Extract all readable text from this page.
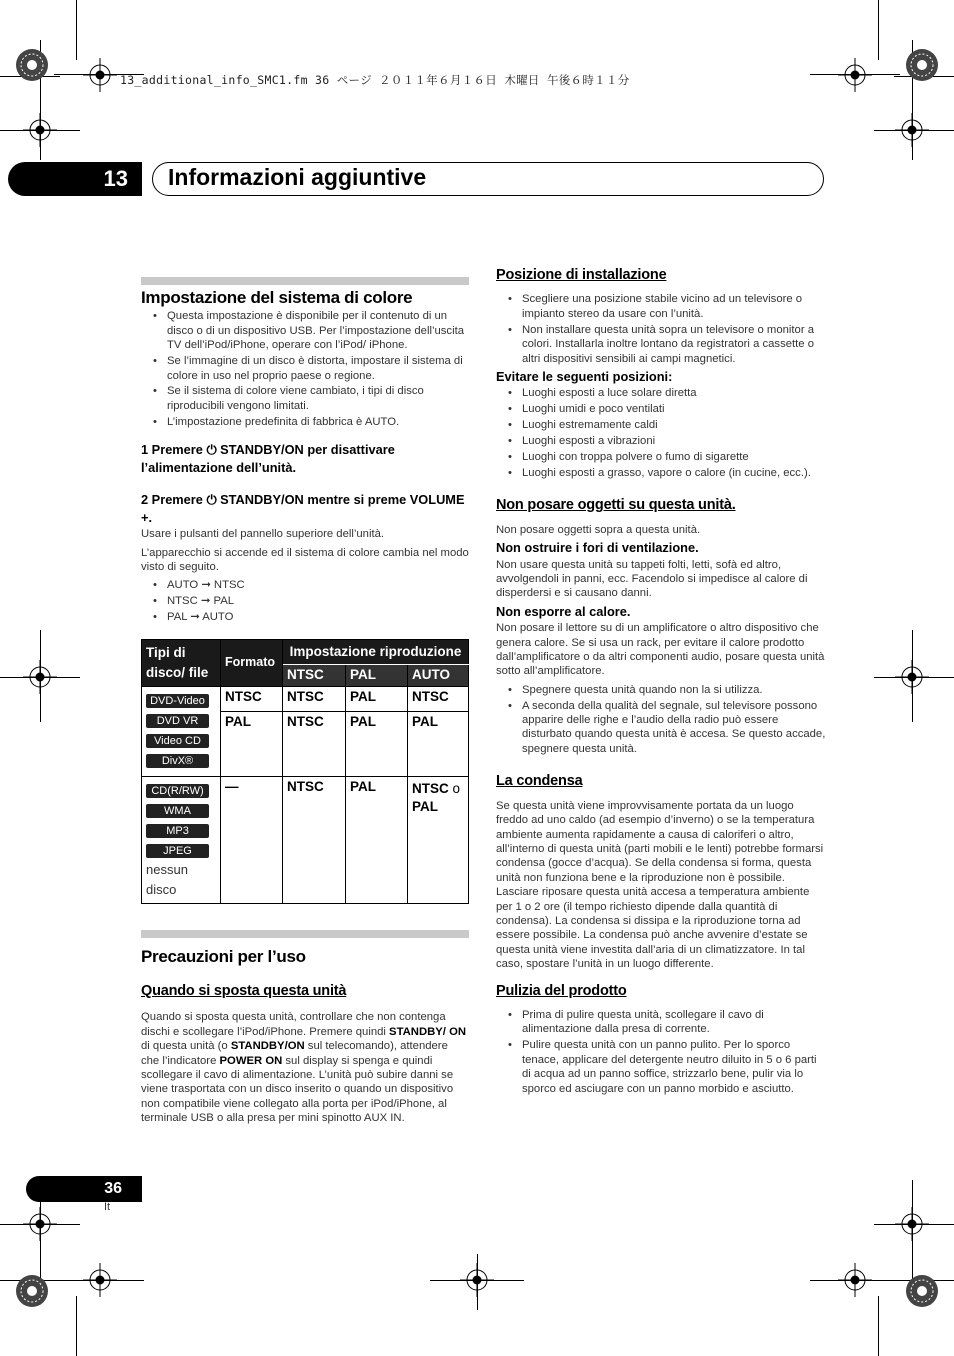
13_additional_info_SMC1.fm 36 ページ ２０１１年６月１６日 木曜日 午後６時１１分
13	Informazioni aggiuntive
Impostazione del sistema di colore
• Questa impostazione è disponibile per il contenuto di un disco o di un dispositivo USB. Per l’impostazione dell’uscita TV dell’iPod/iPhone, operare con l’iPod/ iPhone.
• Se l’immagine di un disco è distorta, impostare il sistema di colore in uso nel proprio paese o regione.
• Se il sistema di colore viene cambiato, i tipi di disco riproducibili vengono limitati.
• L’impostazione predefinita di fabbrica è AUTO.
1 Premere ⏻ STANDBY/ON per disattivare l’alimentazione dell’unità.
2 Premere ⏻ STANDBY/ON mentre si preme VOLUME +.

Usare i pulsanti del pannello superiore dell’unità.

L’apparecchio si accende ed il sistema di colore cambia nel modo visto di seguito.

• AUTO ➞ NTSC
• NTSC ➞ PAL
• PAL ➞ AUTO
Tipi di disco/ file	Formato	Impostazione riproduzione		
		NTSC	PAL	AUTO

DVD-Video
DVD VR
Video CD
DivX®	NTSC	NTSC	PAL	NTSC
	PAL	NTSC	PAL	PAL

CD(R/RW)
WMA
MP3
JPEG
nessun disco	—	NTSC	PAL	NTSC o
PAL
Precauzioni per l’uso
Quando si sposta questa unità

Quando si sposta questa unità, controllare che non contenga dischi e scollegare l’iPod/iPhone. Premere quindi STANDBY/ ON di questa unità (o STANDBY/ON sul telecomando), attendere che l’indicatore POWER ON sul display si spenga e quindi scollegare il cavo di alimentazione. L’unità può subire danni se viene trasportata con un disco inserito o quando un dispositivo non compatibile viene collegato alla porta per iPod/iPhone, al terminale USB o alla presa per mini spinotto AUX IN.

Posizione di installazione
• Scegliere una posizione stabile vicino ad un televisore o impianto stereo da usare con l’unità.
• Non installare questa unità sopra un televisore o monitor a colori. Installarla inoltre lontano da registratori a cassette o altri dispositivi sensibili ai campi magnetici.
Evitare le seguenti posizioni:
• Luoghi esposti a luce solare diretta
• Luoghi umidi e poco ventilati
• Luoghi estremamente caldi
• Luoghi esposti a vibrazioni
• Luoghi con troppa polvere o fumo di sigarette
• Luoghi esposti a grasso, vapore o calore (in cucine, ecc.).
Non posare oggetti su questa unità.

Non posare oggetti sopra a questa unità.

Non ostruire i fori di ventilazione.

Non usare questa unità su tappeti folti, letti, sofà ed altro, avvolgendoli in panni, ecc. Facendolo si impedisce al calore di disperdersi e si causano danni.

Non esporre al calore.

Non posare il lettore su di un amplificatore o altro dispositivo che genera calore. Se si usa un rack, per evitare il calore prodotto dall’amplificatore o da altri componenti audio, posare questa unità sotto all’amplificatore.

• Spegnere questa unità quando non la si utilizza.
• A seconda della qualità del segnale, sul televisore possono apparire delle righe e l’audio della radio può essere disturbato quando questa unità è accesa. Se questo accade, spegnere questa unità.
La condensa

Se questa unità viene improvvisamente portata da un luogo freddo ad uno caldo (ad esempio d’inverno) o se la temperatura ambiente aumenta rapidamente a causa di caloriferi o altro, all’interno di questa unità (parti mobili e le lenti) potrebbe formarsi condensa (gocce d’acqua). Se della condensa si forma, questa unità non funziona bene e la riproduzione non è possibile. Lasciare riposare questa unità accesa a temperatura ambiente per 1 o 2 ore (il tempo richiesto dipende dalla quantità di condensa). La condensa si dissipa e la riproduzione torna ad essere possibile. La condensa può anche avvenire d’estate se questa unità viene investita dall’aria di un climatizzatore. In tal caso, spostare l’unità in un luogo differente.

Pulizia del prodotto
• Prima di pulire questa unità, scollegare il cavo di alimentazione dalla presa di corrente.
• Pulire questa unità con un panno pulito. Per lo sporco tenace, applicare del detergente neutro diluito in 5 o 6 parti di acqua ad un panno soffice, strizzarlo bene, pulir via lo sporco ed asciugare con un panno morbido e asciutto.
36
It
